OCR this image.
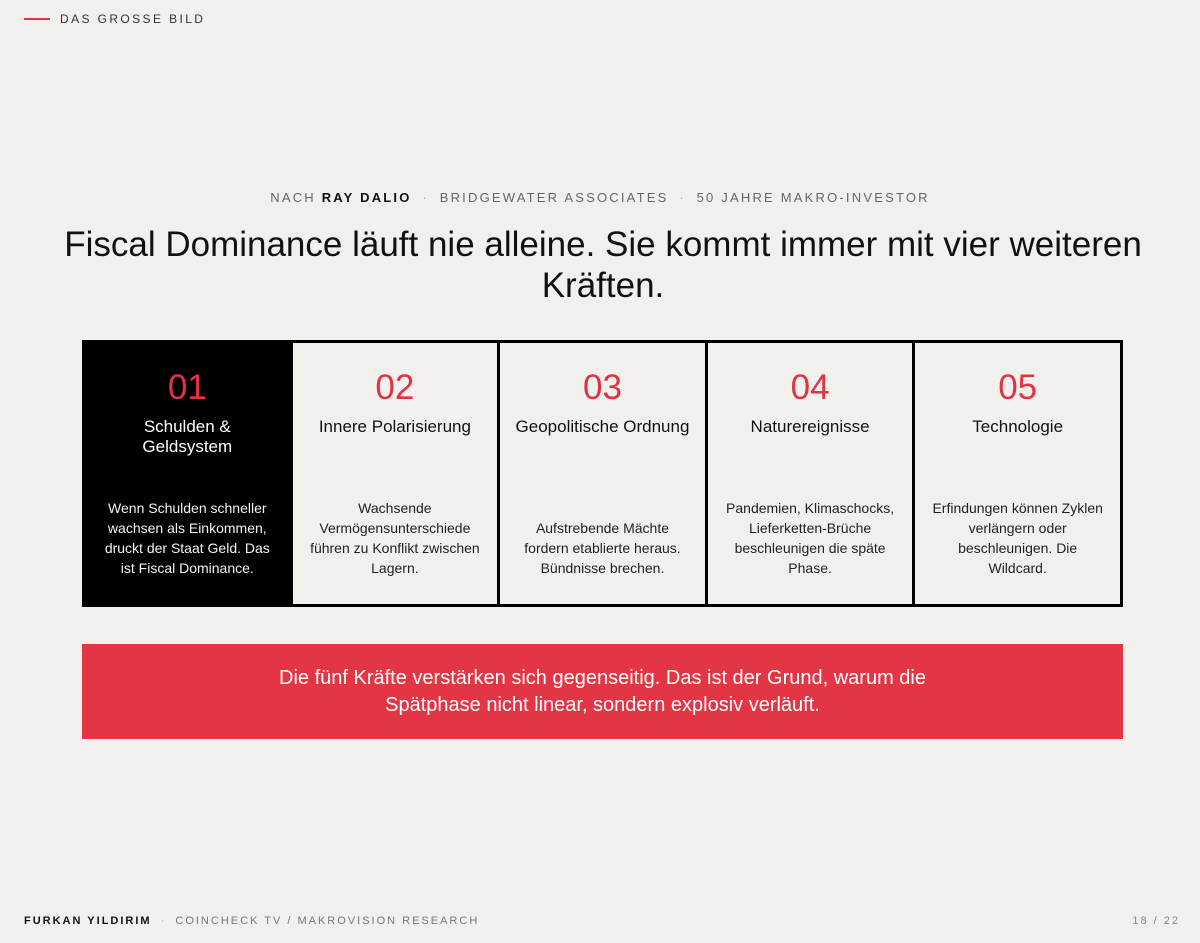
DAS GROSSE BILD
NACH RAY DALIO · BRIDGEWATER ASSOCIATES · 50 JAHRE MAKRO-INVESTOR
Fiscal Dominance läuft nie alleine. Sie kommt immer mit vier weiteren Kräften.
01
Schulden & Geldsystem
Wenn Schulden schneller wachsen als Einkommen, druckt der Staat Geld. Das ist Fiscal Dominance.
02
Innere Polarisierung
Wachsende Vermögensunterschiede führen zu Konflikt zwischen Lagern.
03
Geopolitische Ordnung
Aufstrebende Mächte fordern etablierte heraus. Bündnisse brechen.
04
Naturereignisse
Pandemien, Klimaschocks, Lieferketten-Brüche beschleunigen die späte Phase.
05
Technologie
Erfindungen können Zyklen verlängern oder beschleunigen. Die Wildcard.

Die fünf Kräfte verstärken sich gegenseitig. Das ist der Grund, warum die Spätphase nicht linear, sondern explosiv verläuft.

FURKAN YILDIRIM · COINCHECK TV / MAKROVISION RESEARCH	18 / 22
